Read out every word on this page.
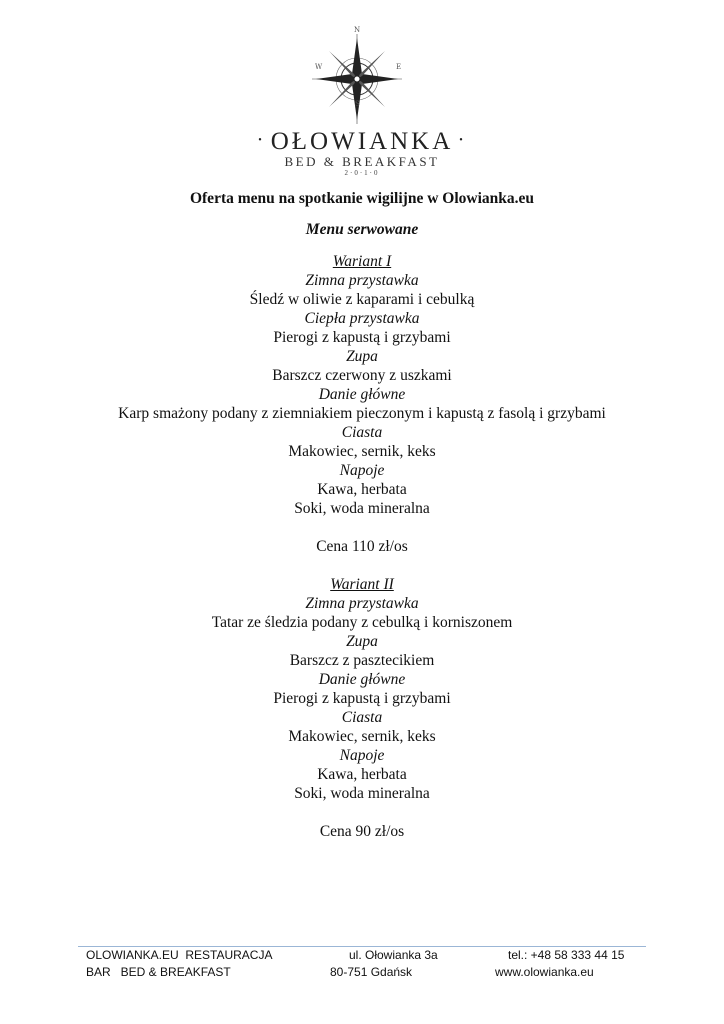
N
S
E
W
• OŁOWIANKA •
BED & BREAKFAST
2·0·1·0
Oferta menu na spotkanie wigilijne w Olowianka.eu
Menu serwowane
Wariant I
Zimna przystawka
Śledź w oliwie z kaparami i cebulką
Ciepła przystawka
Pierogi z kapustą i grzybami
Zupa
Barszcz czerwony z uszkami
Danie główne
Karp smażony podany z ziemniakiem pieczonym i kapustą z fasolą i grzybami
Ciasta
Makowiec, sernik, keks
Napoje
Kawa, herbata
Soki, woda mineralna
Cena 110 zł/os
Wariant II
Zimna przystawka
Tatar ze śledzia podany z cebulką i korniszonem
Zupa
Barszcz z pasztecikiem
Danie główne
Pierogi z kapustą i grzybami
Ciasta
Makowiec, sernik, keks
Napoje
Kawa, herbata
Soki, woda mineralna
Cena 90 zł/os
OLOWIANKA.EU  RESTAURACJA
BAR   BED & BREAKFAST
ul. Ołowianka 3a
80-751 Gdańsk
tel.: +48 58 333 44 15
www.olowianka.eu
